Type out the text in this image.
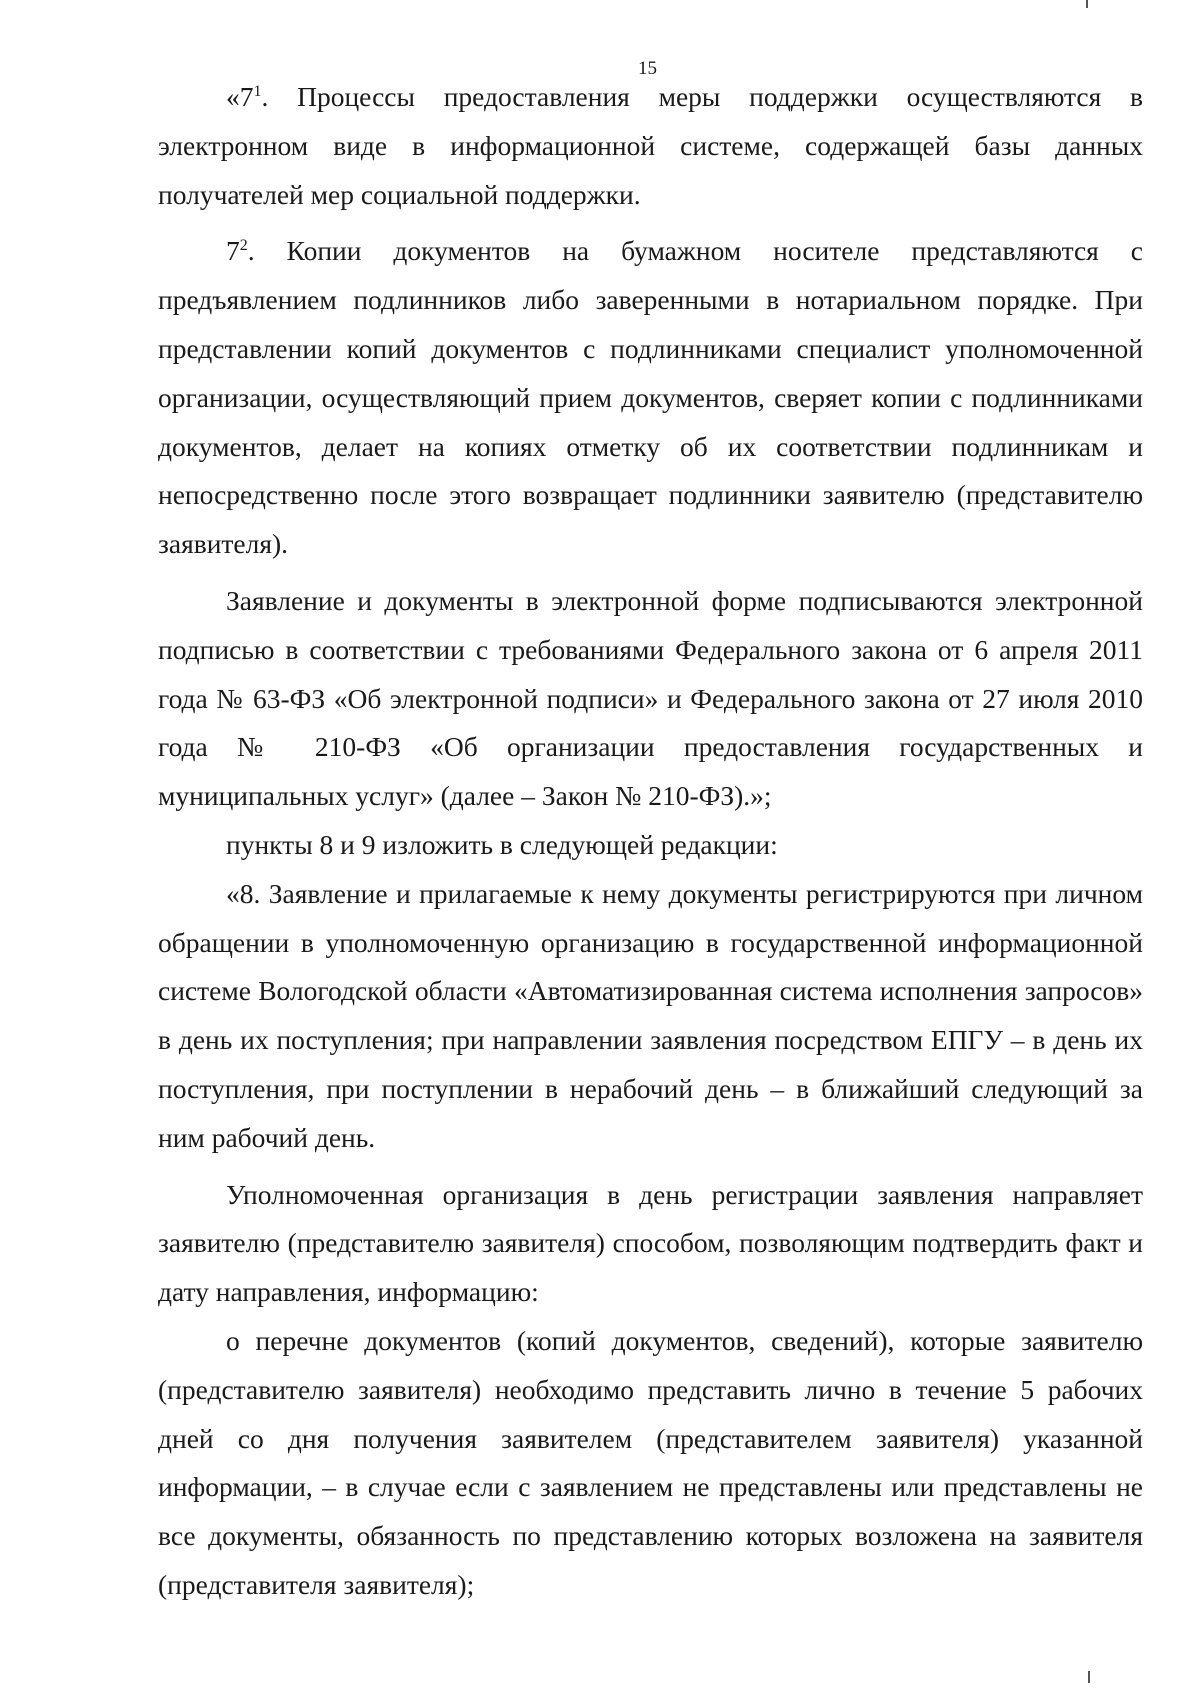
15

«$7^1$. Процессы предоставления меры поддержки осуществляются в электронном виде в информационной системе, содержащей базы данных получателей мер социальной поддержки.

$7^2$. Копии документов на бумажном носителе представляются с предъявлением подлинников либо заверенными в нотариальном порядке. При представлении копий документов с подлинниками специалист уполномоченной организации, осуществляющий прием документов, сверяет копии с подлинниками документов, делает на копиях отметку об их соответствии подлинникам и непосредственно после этого возвращает подлинники заявителю (представителю заявителя).

Заявление и документы в электронной форме подписываются электронной подписью в соответствии с требованиями Федерального закона от 6 апреля 2011 года № 63-ФЗ «Об электронной подписи» и Федерального закона от 27 июля 2010 года № 210-ФЗ «Об организации предоставления государственных и муниципальных услуг» (далее – Закон № 210-ФЗ).»;

пункты 8 и 9 изложить в следующей редакции:

«8. Заявление и прилагаемые к нему документы регистрируются при личном обращении в уполномоченную организацию в государственной информационной системе Вологодской области «Автоматизированная система исполнения запросов» в день их поступления; при направлении заявления посредством ЕПГУ – в день их поступления, при поступлении в нерабочий день – в ближайший следующий за ним рабочий день.

Уполномоченная организация в день регистрации заявления направляет заявителю (представителю заявителя) способом, позволяющим подтвердить факт и дату направления, информацию:

о перечне документов (копий документов, сведений), которые заявителю (представителю заявителя) необходимо представить лично в течение 5 рабочих дней со дня получения заявителем (представителем заявителя) указанной информации, – в случае если с заявлением не представлены или представлены не все документы, обязанность по представлению которых возложена на заявителя (представителя заявителя);
